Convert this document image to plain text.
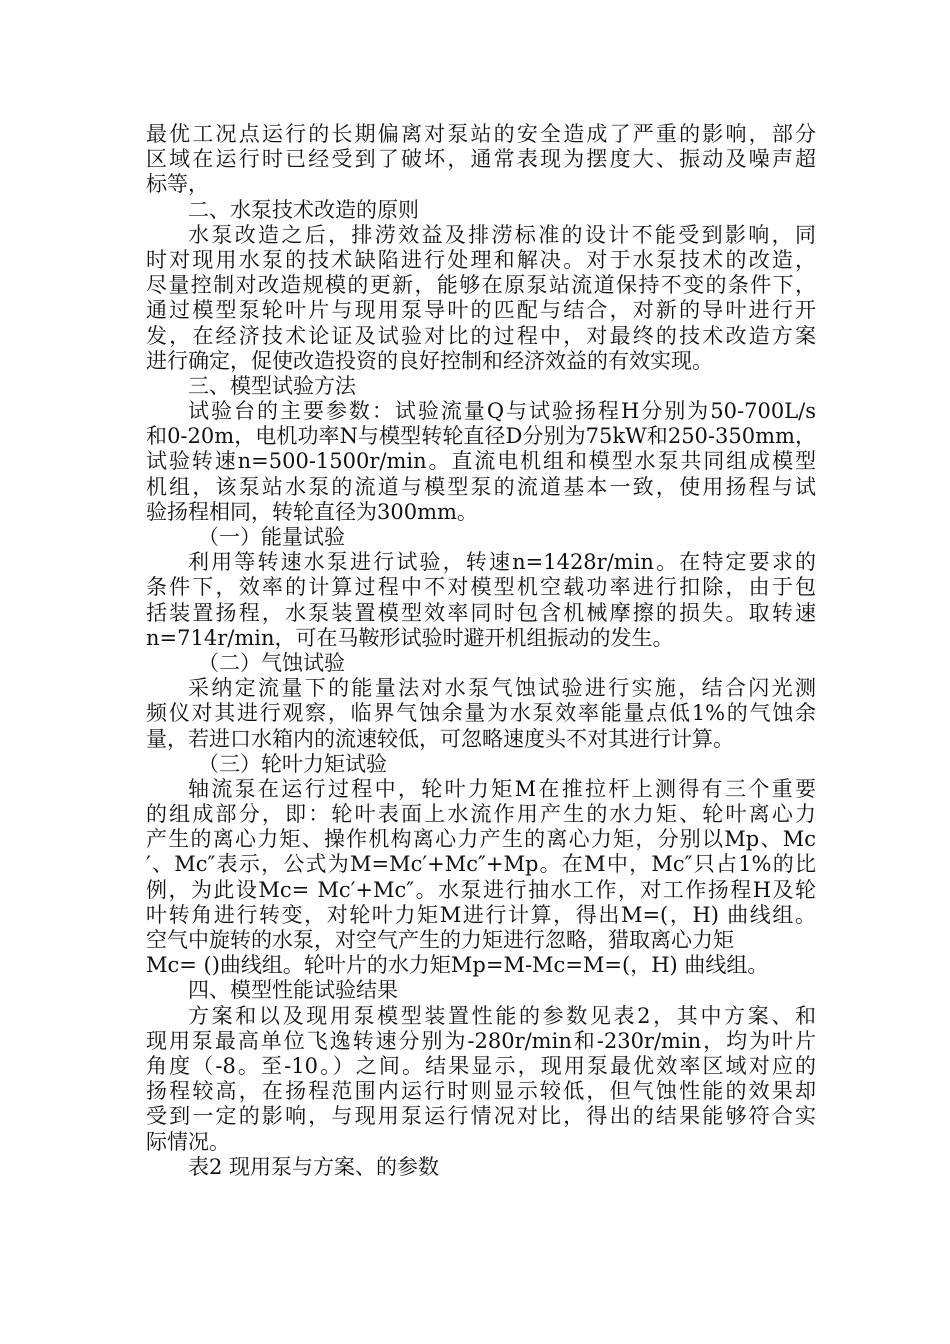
最优工况点运行的长期偏离对泵站的安全造成了严重的影响，部分
区域在运行时已经受到了破坏，通常表现为摆度大、振动及噪声超
标等，
二、水泵技术改造的原则
水泵改造之后，排涝效益及排涝标准的设计不能受到影响，同
时对现用水泵的技术缺陷进行处理和解决。对于水泵技术的改造，
尽量控制对改造规模的更新，能够在原泵站流道保持不变的条件下，
通过模型泵轮叶片与现用泵导叶的匹配与结合，对新的导叶进行开
发，在经济技术论证及试验对比的过程中，对最终的技术改造方案
进行确定，促使改造投资的良好控制和经济效益的有效实现。
三、模型试验方法
试验台的主要参数：试验流量Q与试验扬程H分别为50-700L/s
和0-20m，电机功率N与模型转轮直径D分别为75kW和250-350mm，
试验转速n=500-1500r/min。直流电机组和模型水泵共同组成模型
机组，该泵站水泵的流道与模型泵的流道基本一致，使用扬程与试
验扬程相同，转轮直径为300mm。
（一）能量试验
利用等转速水泵进行试验，转速n=1428r/min。在特定要求的
条件下，效率的计算过程中不对模型机空载功率进行扣除，由于包
括装置扬程，水泵装置模型效率同时包含机械摩擦的损失。取转速
n=714r/min，可在马鞍形试验时避开机组振动的发生。
（二）气蚀试验
采纳定流量下的能量法对水泵气蚀试验进行实施，结合闪光测
频仪对其进行观察，临界气蚀余量为水泵效率能量点低1%的气蚀余
量，若进口水箱内的流速较低，可忽略速度头不对其进行计算。
（三）轮叶力矩试验
轴流泵在运行过程中，轮叶力矩M在推拉杆上测得有三个重要
的组成部分，即：轮叶表面上水流作用产生的水力矩、轮叶离心力
产生的离心力矩、操作机构离心力产生的离心力矩，分别以Mp、Mc
′、Mc″表示，公式为M=Mc′+Mc″+Mp。在M中，Mc″只占1%的比
例，为此设Mc= Mc′+Mc″。水泵进行抽水工作，对工作扬程H及轮
叶转角进行转变，对轮叶力矩M进行计算，得出M=(，H) 曲线组。
空气中旋转的水泵，对空气产生的力矩进行忽略，猎取离心力矩
Mc= ()曲线组。轮叶片的水力矩Mp=M-Mc=M=(，H) 曲线组。
四、模型性能试验结果
方案和以及现用泵模型装置性能的参数见表2，其中方案、和
现用泵最高单位飞逸转速分别为-280r/min和-230r/min，均为叶片
角度（-8。至-10。）之间。结果显示，现用泵最优效率区域对应的
扬程较高，在扬程范围内运行时则显示较低，但气蚀性能的效果却
受到一定的影响，与现用泵运行情况对比，得出的结果能够符合实
际情况。
表2 现用泵与方案、的参数
